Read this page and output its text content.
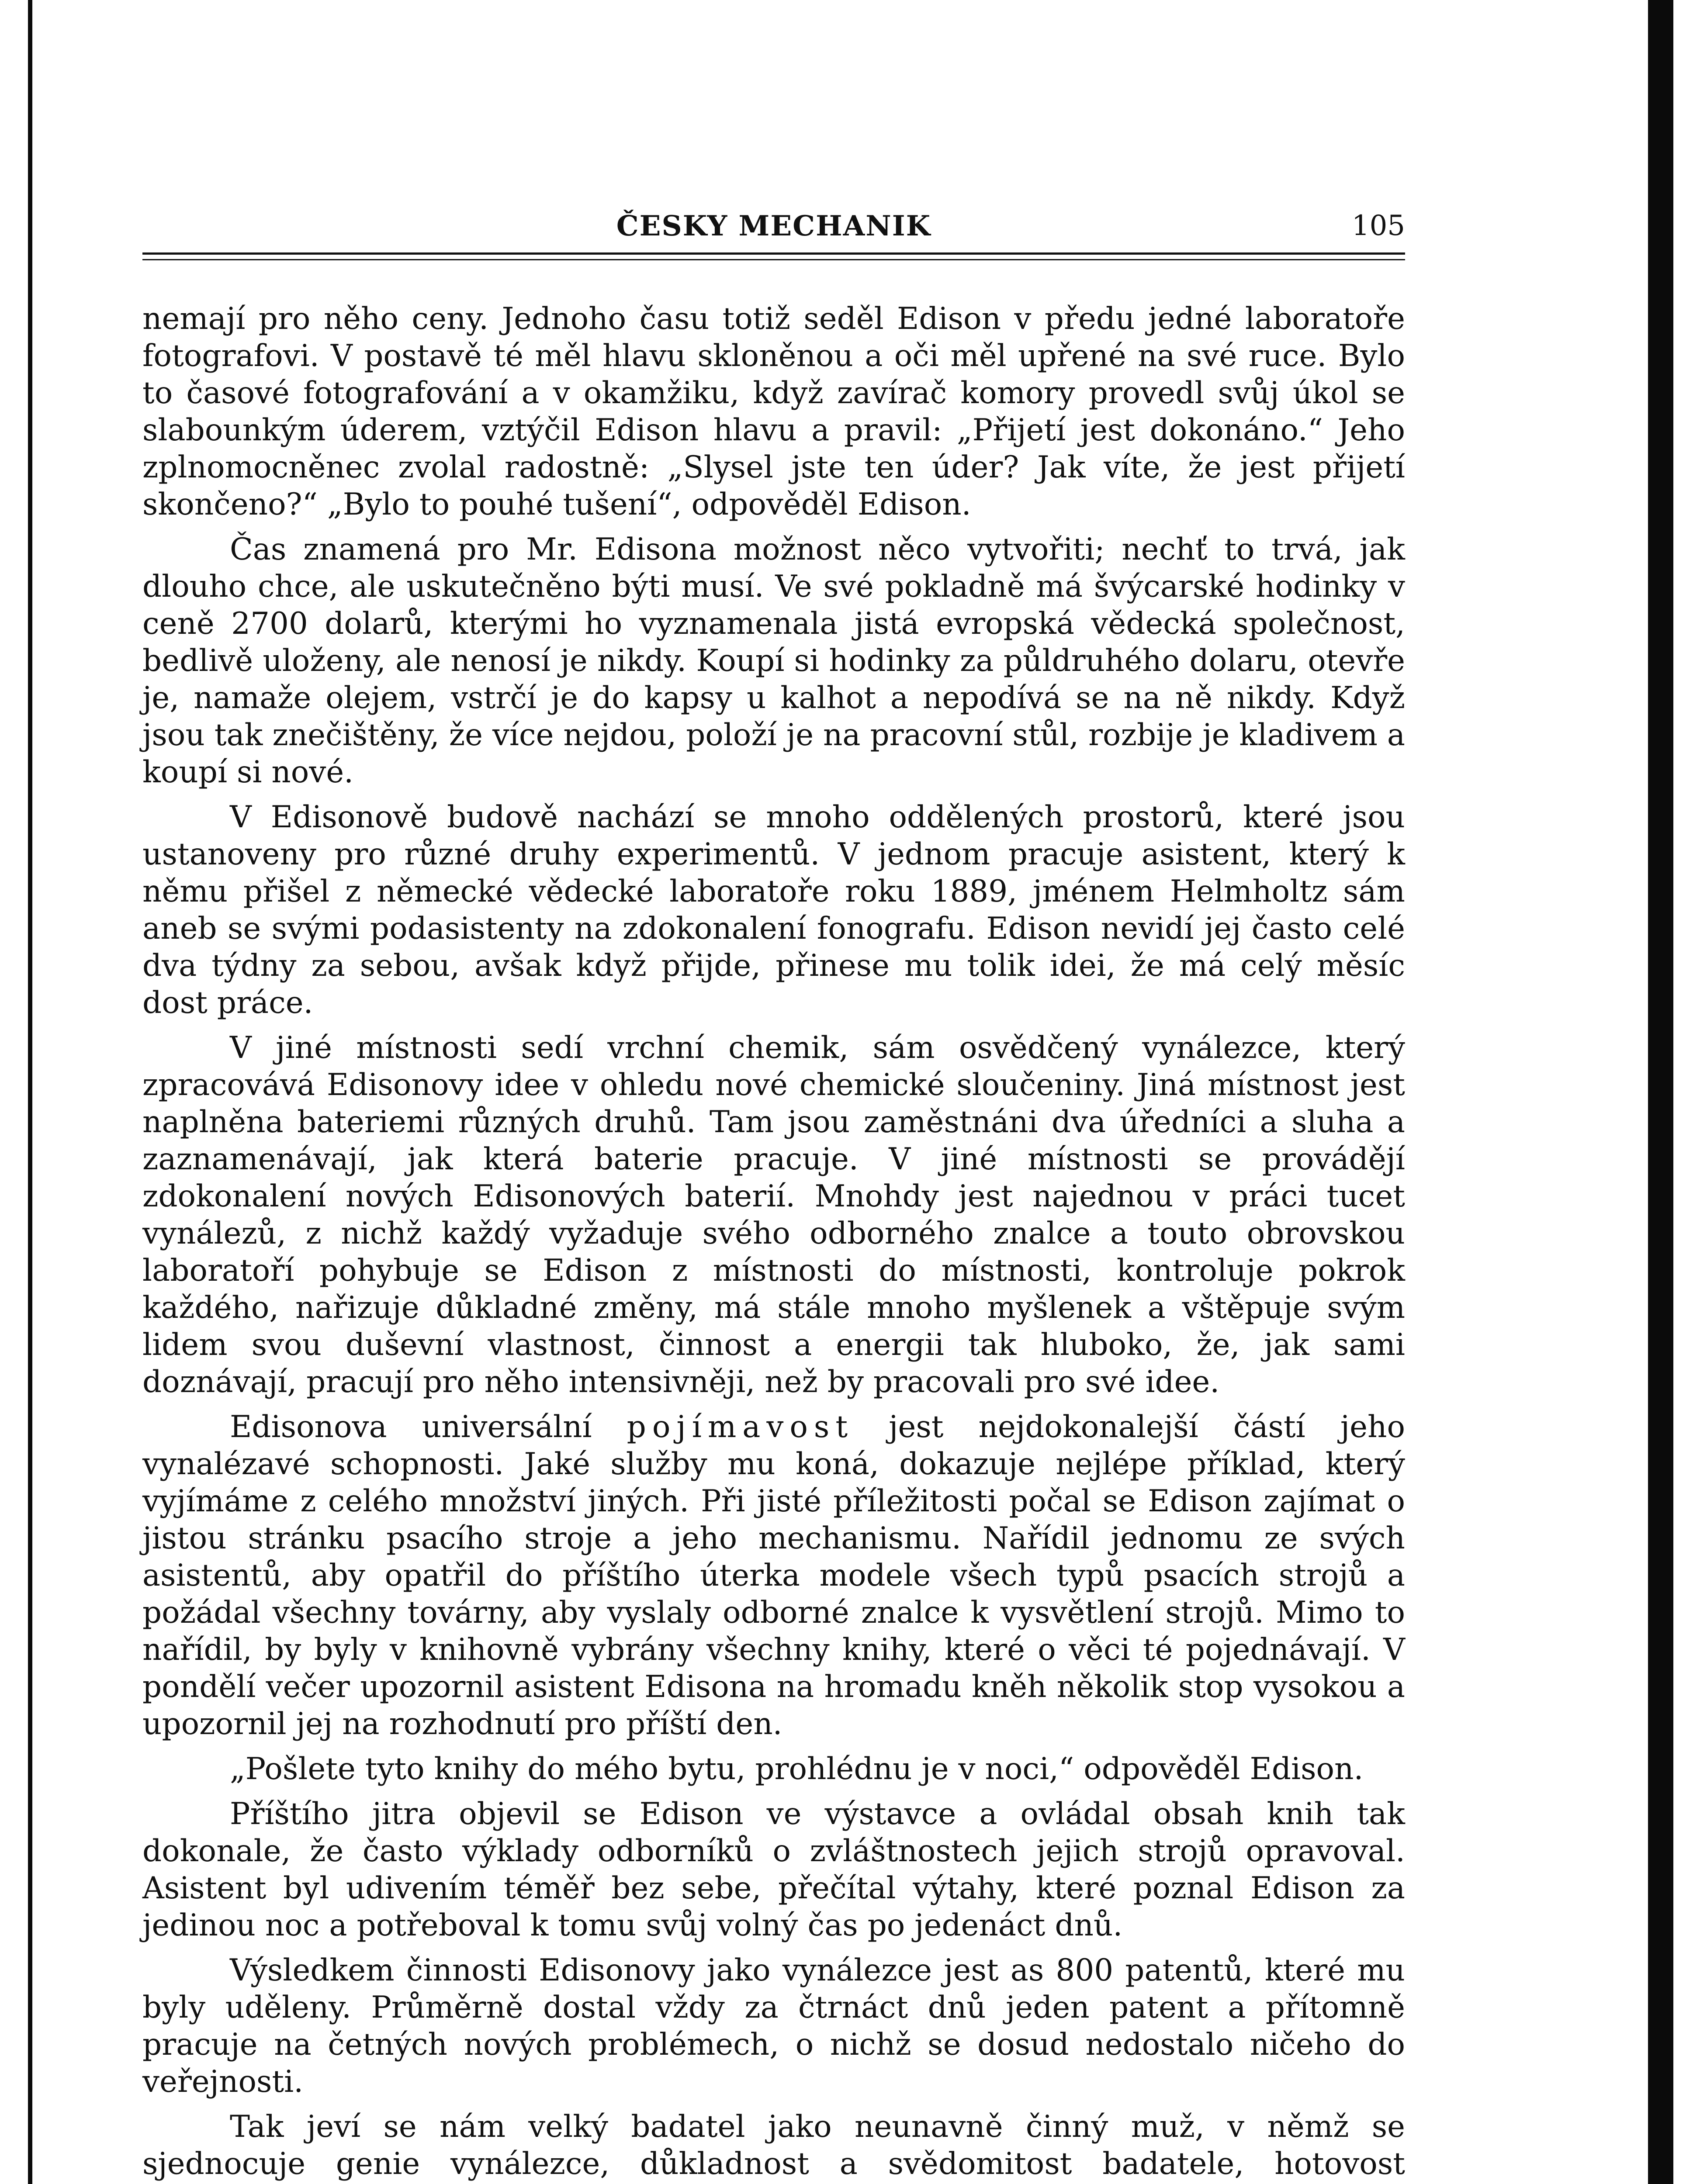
ČESKY MECHANIK	105

nemají pro něho ceny. Jednoho času totiž seděl Edison v předu jedné laboratoře fotografovi. V postavě té měl hlavu skloněnou a oči měl upřené na své ruce. Bylo to časové fotografování a v okamžiku, když zavírač komory provedl svůj úkol se slabounkým úderem, vztýčil Edison hlavu a pravil: „Přijetí jest dokonáno.“ Jeho zplnomocněnec zvolal radostně: „Slysel jste ten úder? Jak víte, že jest přijetí skončeno?“ „Bylo to pouhé tušení“, odpověděl Edison.

Čas znamená pro Mr. Edisona možnost něco vytvořiti; nechť to trvá, jak dlouho chce, ale uskutečněno býti musí. Ve své pokladně má švýcarské hodinky v ceně 2700 dolarů, kterými ho vyznamenala jistá evropská vědecká společnost, bedlivě uloženy, ale nenosí je nikdy. Koupí si hodinky za půldruhého dolaru, otevře je, namaže olejem, vstrčí je do kapsy u kalhot a nepodívá se na ně nikdy. Když jsou tak znečištěny, že více nejdou, položí je na pracovní stůl, rozbije je kladivem a koupí si nové.

V Edisonově budově nachází se mnoho oddělených prostorů, které jsou ustanoveny pro různé druhy experimentů. V jednom pracuje asistent, který k němu přišel z německé vědecké laboratoře roku 1889, jménem Helmholtz sám aneb se svými podasistenty na zdokonalení fonografu. Edison nevidí jej často celé dva týdny za sebou, avšak když přijde, přinese mu tolik idei, že má celý měsíc dost práce.

V jiné místnosti sedí vrchní chemik, sám osvědčený vynálezce, který zpracovává Edisonovy idee v ohledu nové chemické sloučeniny. Jiná místnost jest naplněna bateriemi různých druhů. Tam jsou zaměstnáni dva úředníci a sluha a zaznamenávají, jak která baterie pracuje. V jiné místnosti se provádějí zdokonalení nových Edisonových baterií. Mnohdy jest najednou v práci tucet vynálezů, z nichž každý vyžaduje svého odborného znalce a touto obrovskou laboratoří pohybuje se Edison z místnosti do místnosti, kontroluje pokrok každého, nařizuje důkladné změny, má stále mnoho myšlenek a vštěpuje svým lidem svou duševní vlastnost, činnost a energii tak hluboko, že, jak sami doznávají, pracují pro něho intensivněji, než by pracovali pro své idee.

Edisonova universální pojímavost jest nejdokonalejší částí jeho vynalézavé schopnosti. Jaké služby mu koná, dokazuje nejlépe příklad, který vyjímáme z celého množství jiných. Při jisté příležitosti počal se Edison zajímat o jistou stránku psacího stroje a jeho mechanismu. Nařídil jednomu ze svých asistentů, aby opatřil do příštího úterka modele všech typů psacích strojů a požádal všechny továrny, aby vyslaly odborné znalce k vysvětlení strojů. Mimo to nařídil, by byly v knihovně vybrány všechny knihy, které o věci té pojednávají. V pondělí večer upozornil asistent Edisona na hromadu kněh několik stop vysokou a upozornil jej na rozhodnutí pro příští den.

„Pošlete tyto knihy do mého bytu, prohlédnu je v noci,“ odpověděl Edison.

Příštího jitra objevil se Edison ve výstavce a ovládal obsah knih tak dokonale, že často výklady odborníků o zvláštnostech jejich strojů opravoval. Asistent byl udivením téměř bez sebe, přečítal výtahy, které poznal Edison za jedinou noc a potřeboval k tomu svůj volný čas po jedenáct dnů.

Výsledkem činnosti Edisonovy jako vynálezce jest as 800 patentů, které mu byly uděleny. Průměrně dostal vždy za čtrnáct dnů jeden patent a přítomně pracuje na četných nových problémech, o nichž se dosud nedostalo ničeho do veřejnosti.

Tak jeví se nám velký badatel jako neunavně činný muž, v němž se sjednocuje genie vynálezce, důkladnost a svědomitost badatele, hotovost
